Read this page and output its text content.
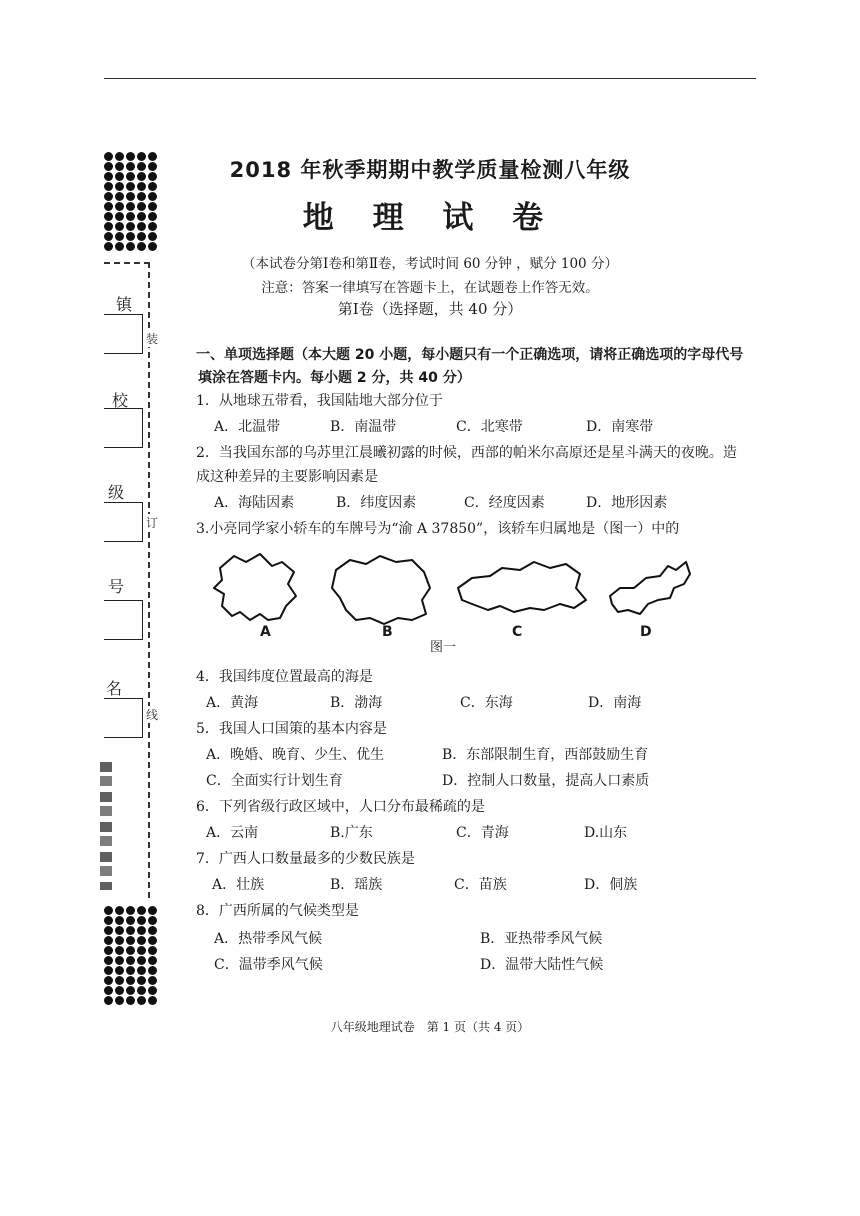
镇
装
校
级
订
号
名
线
2018 年秋季期期中教学质量检测八年级
地 理 试 卷
（本试卷分第Ⅰ卷和第Ⅱ卷，考试时间 60 分钟 ，赋分 100 分）
注意：答案一律填写在答题卡上，在试题卷上作答无效。
第Ⅰ卷（选择题，共 40 分）
一、单项选择题（本大题 20 小题，每小题只有一个正确选项，请将正确选项的字母代号
填涂在答题卡内。每小题 2 分，共 40 分）
1．从地球五带看，我国陆地大部分位于
A．北温带	B．南温带	C．北寒带	D．南寒带
2．当我国东部的乌苏里江晨曦初露的时候，西部的帕米尔高原还是星斗满天的夜晚。造
成这种差异的主要影响因素是
A．海陆因素	B．纬度因素	C．经度因素	D．地形因素
3.小亮同学家小轿车的车牌号为“渝 A 37850”，该轿车归属地是（图一）中的
A	B	C	D
图一
4．我国纬度位置最高的海是
A．黄海	B．渤海	C．东海	D．南海
5．我国人口国策的基本内容是
A．晚婚、晚育、少生、优生	B．东部限制生育，西部鼓励生育
C．全面实行计划生育	D．控制人口数量，提高人口素质
6．下列省级行政区域中，人口分布最稀疏的是
A．云南	B.广东	C．青海	D.山东
7．广西人口数量最多的少数民族是
A．壮族	B．瑶族	C．苗族	D．侗族
8．广西所属的气候类型是
A．热带季风气候	B．亚热带季风气候
C．温带季风气候	D．温带大陆性气候
八年级地理试卷　第 1 页（共 4 页）
